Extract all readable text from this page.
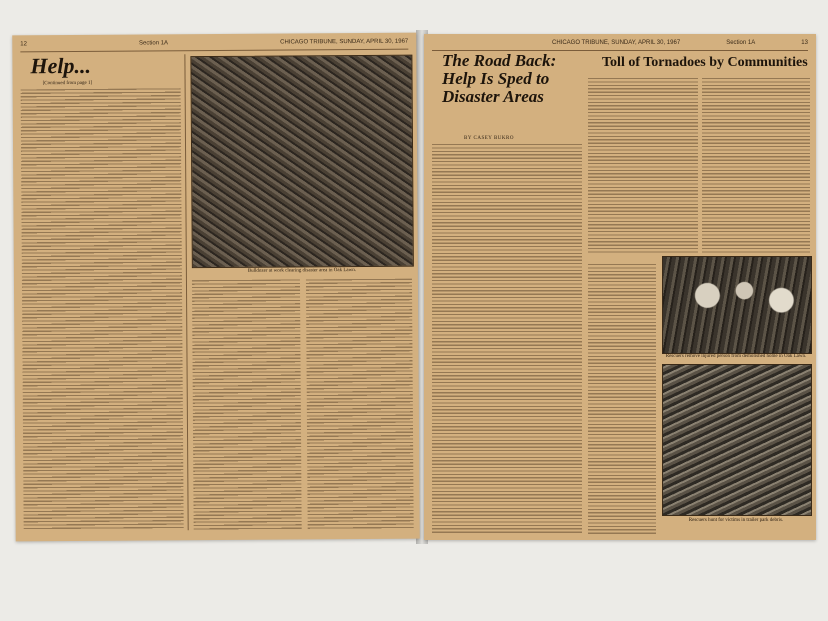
12	Section 1A	CHICAGO TRIBUNE, SUNDAY, APRIL 30, 1967
Help...
[Continued from page 1]
Bulldozer at work clearing disaster area in Oak Lawn.
CHICAGO TRIBUNE, SUNDAY, APRIL 30, 1967	Section 1A	13
The Road Back: Help Is Sped to Disaster Areas
BY CASEY BUKRO
Toll of Tornadoes by Communities
Rescuers remove injured person from demolished home in Oak Lawn.
Rescuers hunt for victims in trailer park debris.
